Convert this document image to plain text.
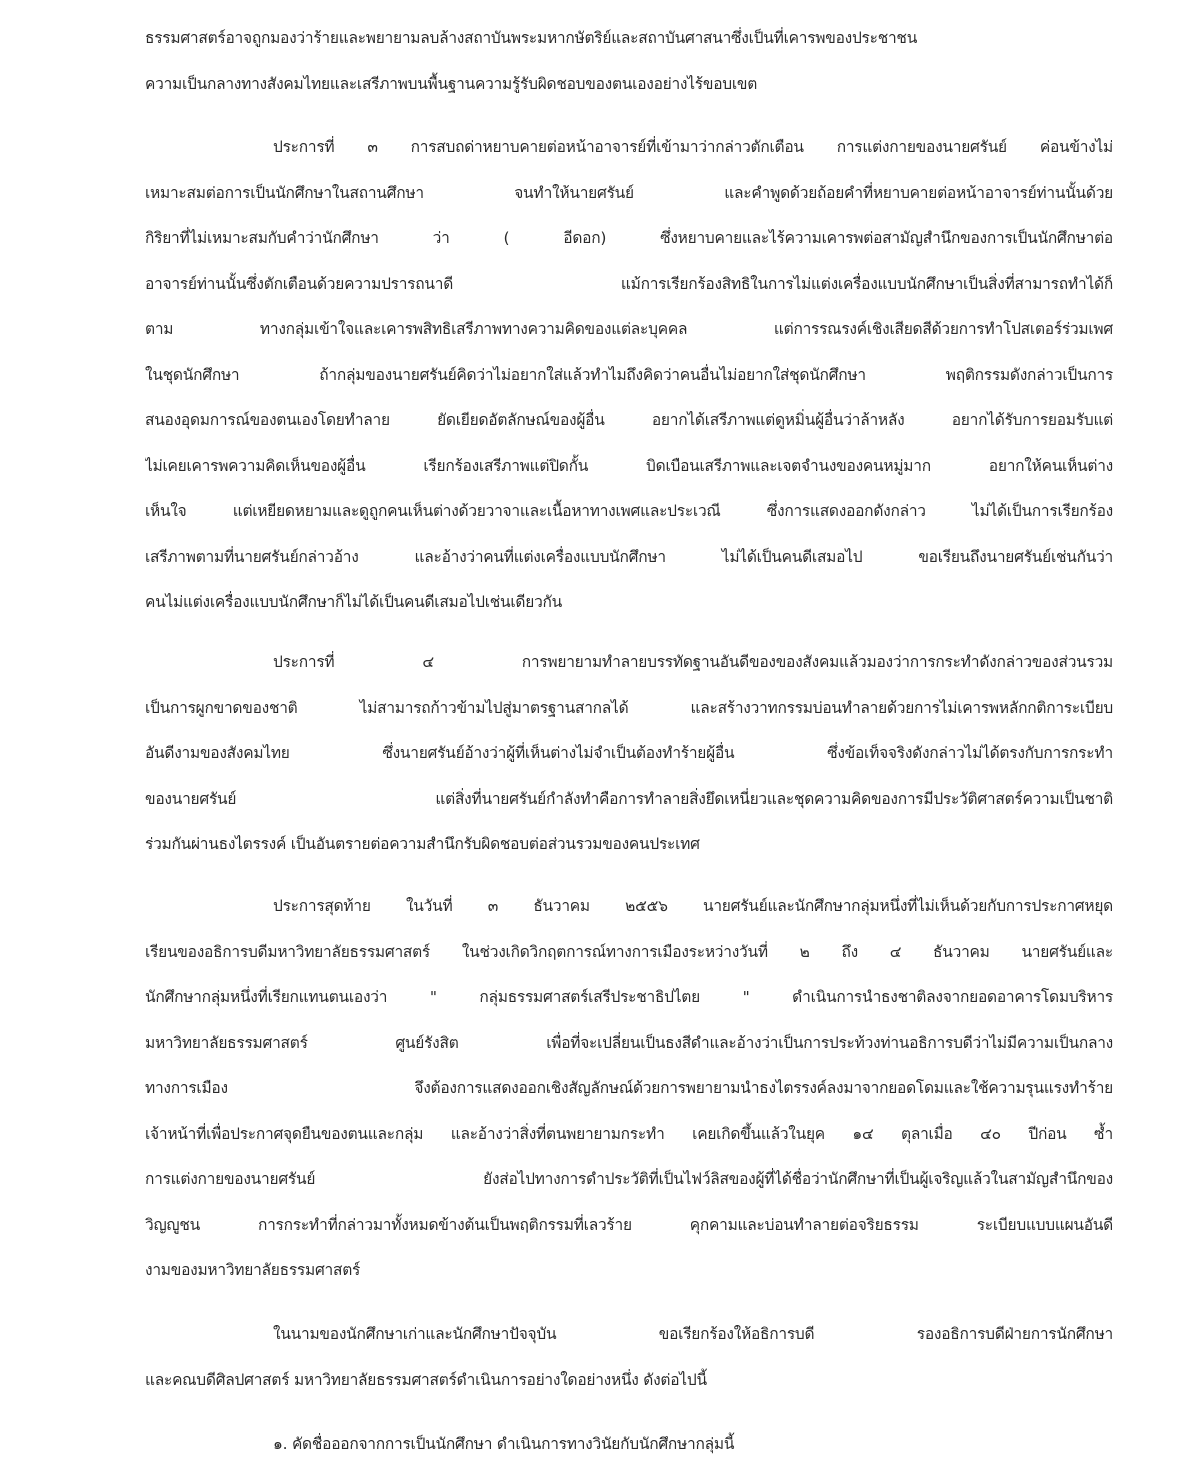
ธรรมศาสตร์อาจถูกมองว่าร้ายและพยายามลบล้างสถาบันพระมหากษัตริย์และสถาบันศาสนาซึ่งเป็นที่เคารพของประชาชน
ความเป็นกลางทางสังคมไทยและเสรีภาพบนพื้นฐานความรู้รับผิดชอบของตนเองอย่างไร้ขอบเขต
ประการที่ ๓ การสบถด่าหยาบคายต่อหน้าอาจารย์ที่เข้ามาว่ากล่าวตักเตือน การแต่งกายของนายศรันย์ ค่อนข้างไม่
เหมาะสมต่อการเป็นนักศึกษาในสถานศึกษา จนทำให้นายศรันย์ และคำพูดด้วยถ้อยคำที่หยาบคายต่อหน้าอาจารย์ท่านนั้นด้วย
กิริยาที่ไม่เหมาะสมกับคำว่านักศึกษา ว่า ( อีดอก) ซึ่งหยาบคายและไร้ความเคารพต่อสามัญสำนึกของการเป็นนักศึกษาต่อ
อาจารย์ท่านนั้นซึ่งตักเตือนด้วยความปรารถนาดี แม้การเรียกร้องสิทธิในการไม่แต่งเครื่องแบบนักศึกษาเป็นสิ่งที่สามารถทำได้ก็
ตาม ทางกลุ่มเข้าใจและเคารพสิทธิเสรีภาพทางความคิดของแต่ละบุคคล แต่การรณรงค์เชิงเสียดสีด้วยการทำโปสเตอร์ร่วมเพศ
ในชุดนักศึกษา ถ้ากลุ่มของนายศรันย์คิดว่าไม่อยากใส่แล้วทำไมถึงคิดว่าคนอื่นไม่อยากใส่ชุดนักศึกษา พฤติกรรมดังกล่าวเป็นการ
สนองอุดมการณ์ของตนเองโดยทำลาย ยัดเยียดอัตลักษณ์ของผู้อื่น อยากได้เสรีภาพแต่ดูหมิ่นผู้อื่นว่าล้าหลัง อยากได้รับการยอมรับแต่
ไม่เคยเคารพความคิดเห็นของผู้อื่น เรียกร้องเสรีภาพแต่ปิดกั้น บิดเบือนเสรีภาพและเจตจำนงของคนหมู่มาก อยากให้คนเห็นต่าง
เห็นใจ แต่เหยียดหยามและดูถูกคนเห็นต่างด้วยวาจาและเนื้อหาทางเพศและประเวณี ซึ่งการแสดงออกดังกล่าว ไม่ได้เป็นการเรียกร้อง
เสรีภาพตามที่นายศรันย์กล่าวอ้าง และอ้างว่าคนที่แต่งเครื่องแบบนักศึกษา ไม่ได้เป็นคนดีเสมอไป ขอเรียนถึงนายศรันย์เช่นกันว่า
คนไม่แต่งเครื่องแบบนักศึกษาก็ไม่ได้เป็นคนดีเสมอไปเช่นเดียวกัน
ประการที่ ๔ การพยายามทำลายบรรทัดฐานอันดีของของสังคมแล้วมองว่าการกระทำดังกล่าวของส่วนรวม
เป็นการผูกขาดของชาติ ไม่สามารถก้าวข้ามไปสู่มาตรฐานสากลได้ และสร้างวาทกรรมบ่อนทำลายด้วยการไม่เคารพหลักกติการะเบียบ
อันดีงามของสังคมไทย ซึ่งนายศรันย์อ้างว่าผู้ที่เห็นต่างไม่จำเป็นต้องทำร้ายผู้อื่น ซึ่งข้อเท็จจริงดังกล่าวไม่ได้ตรงกับการกระทำ
ของนายศรันย์ แต่สิ่งที่นายศรันย์กำลังทำคือการทำลายสิ่งยึดเหนี่ยวและชุดความคิดของการมีประวัติศาสตร์ความเป็นชาติ
ร่วมกันผ่านธงไตรรงค์ เป็นอันตรายต่อความสำนึกรับผิดชอบต่อส่วนรวมของคนประเทศ
ประการสุดท้าย ในวันที่ ๓ ธันวาคม ๒๕๕๖ นายศรันย์และนักศึกษากลุ่มหนึ่งที่ไม่เห็นด้วยกับการประกาศหยุด
เรียนของอธิการบดีมหาวิทยาลัยธรรมศาสตร์ ในช่วงเกิดวิกฤตการณ์ทางการเมืองระหว่างวันที่ ๒ ถึง ๔ ธันวาคม นายศรันย์และ
นักศึกษากลุ่มหนึ่งที่เรียกแทนตนเองว่า " กลุ่มธรรมศาสตร์เสรีประชาธิปไตย " ดำเนินการนำธงชาติลงจากยอดอาคารโดมบริหาร
มหาวิทยาลัยธรรมศาสตร์ ศูนย์รังสิต เพื่อที่จะเปลี่ยนเป็นธงสีดำและอ้างว่าเป็นการประท้วงท่านอธิการบดีว่าไม่มีความเป็นกลาง
ทางการเมือง จึงต้องการแสดงออกเชิงสัญลักษณ์ด้วยการพยายามนำธงไตรรงค์ลงมาจากยอดโดมและใช้ความรุนแรงทำร้าย
เจ้าหน้าที่เพื่อประกาศจุดยืนของตนและกลุ่ม และอ้างว่าสิ่งที่ตนพยายามกระทำ เคยเกิดขึ้นแล้วในยุค ๑๔ ตุลาเมื่อ ๔๐ ปีก่อน ซ้ำ
การแต่งกายของนายศรันย์ ยังส่อไปทางการดำประวัติที่เป็นไฟว์ลิสของผู้ที่ได้ชื่อว่านักศึกษาที่เป็นผู้เจริญแล้วในสามัญสำนึกของ
วิญญูชน การกระทำที่กล่าวมาทั้งหมดข้างต้นเป็นพฤติกรรมที่เลวร้าย คุกคามและบ่อนทำลายต่อจริยธรรม ระเบียบแบบแผนอันดี
งามของมหาวิทยาลัยธรรมศาสตร์
ในนามของนักศึกษาเก่าและนักศึกษาปัจจุบัน ขอเรียกร้องให้อธิการบดี รองอธิการบดีฝ่ายการนักศึกษา
และคณบดีศิลปศาสตร์ มหาวิทยาลัยธรรมศาสตร์ดำเนินการอย่างใดอย่างหนึ่ง ดังต่อไปนี้
๑. คัดชื่อออกจากการเป็นนักศึกษา ดำเนินการทางวินัยกับนักศึกษากลุ่มนี้
